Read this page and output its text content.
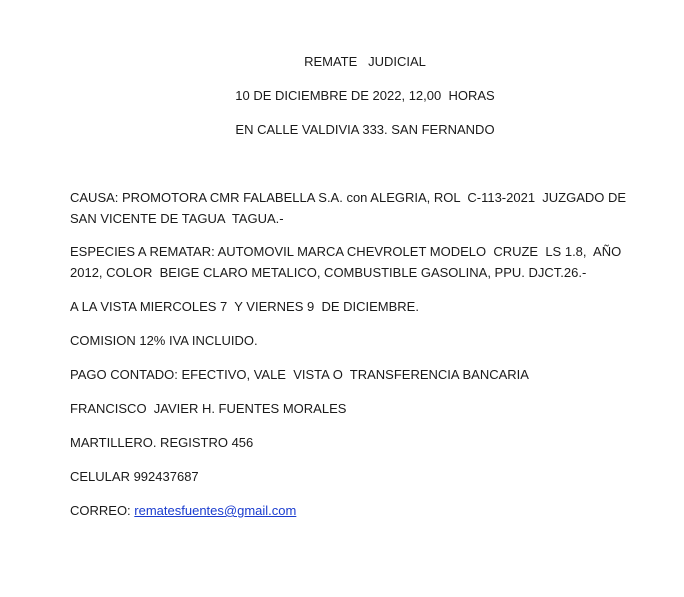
REMATE   JUDICIAL
10 DE DICIEMBRE DE 2022, 12,00  HORAS
EN CALLE VALDIVIA 333. SAN FERNANDO
CAUSA: PROMOTORA CMR FALABELLA S.A. con ALEGRIA, ROL  C-113-2021  JUZGADO DE SAN VICENTE DE TAGUA  TAGUA.-
ESPECIES A REMATAR: AUTOMOVIL MARCA CHEVROLET MODELO  CRUZE  LS 1.8,  AÑO 2012, COLOR  BEIGE CLARO METALICO, COMBUSTIBLE GASOLINA, PPU. DJCT.26.-
A LA VISTA MIERCOLES 7  Y VIERNES 9  DE DICIEMBRE.
COMISION 12% IVA INCLUIDO.
PAGO CONTADO: EFECTIVO, VALE  VISTA O  TRANSFERENCIA BANCARIA
FRANCISCO  JAVIER H. FUENTES MORALES
MARTILLERO. REGISTRO 456
CELULAR 992437687
CORREO: rematesfuentes@gmail.com
